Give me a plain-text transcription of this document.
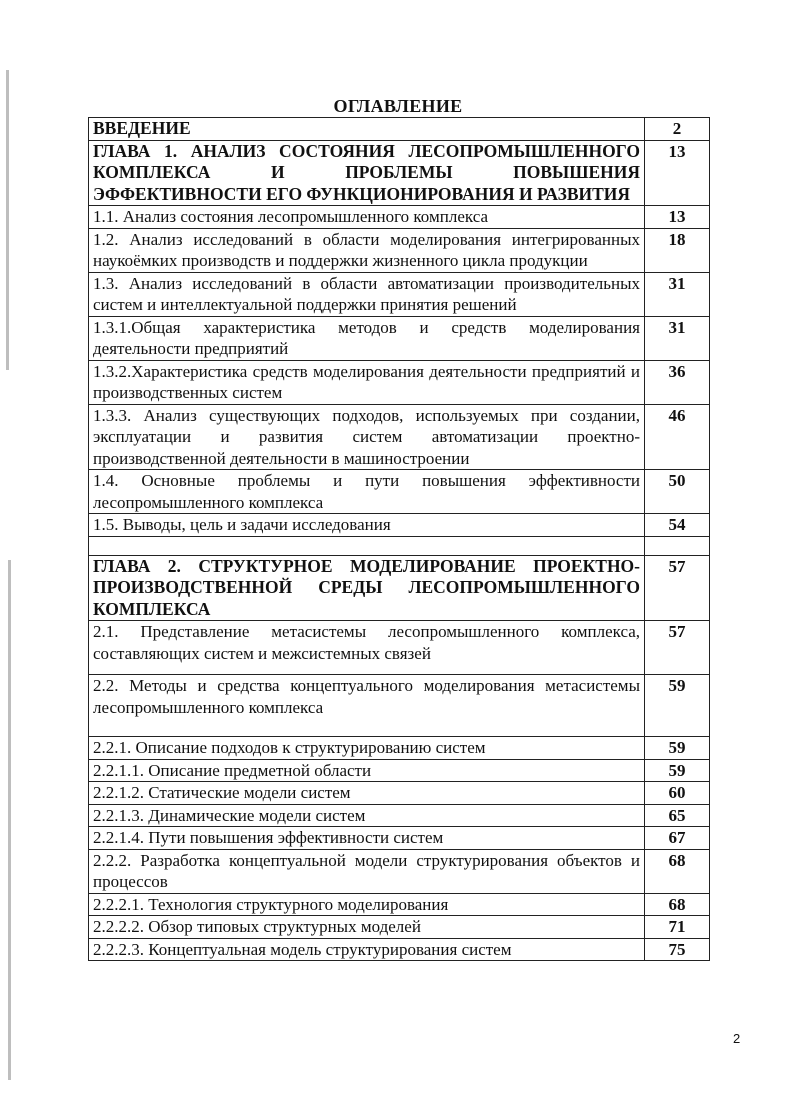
ОГЛАВЛЕНИЕ
ВВЕДЕНИЕ	2
ГЛАВА 1. АНАЛИЗ СОСТОЯНИЯ ЛЕСОПРОМЫШЛЕННОГО КОМПЛЕКСА И ПРОБЛЕМЫ ПОВЫШЕНИЯ ЭФФЕКТИВНОСТИ ЕГО ФУНКЦИОНИРОВАНИЯ И РАЗВИТИЯ	13
1.1. Анализ состояния лесопромышленного комплекса	13
1.2. Анализ исследований в области моделирования интегрированных наукоёмких производств и поддержки жизненного цикла продукции	18
1.3. Анализ исследований в области автоматизации производительных систем и интеллектуальной поддержки принятия решений	31
1.3.1.Общая характеристика методов и средств моделирования деятельности предприятий	31
1.3.2.Характеристика средств моделирования деятельности предприятий и производственных систем	36
1.3.3. Анализ существующих подходов, используемых при создании, эксплуатации и развития систем автоматизации проектно-производственной деятельности в машиностроении	46
1.4. Основные проблемы и пути повышения эффективности лесопромышленного комплекса	50
1.5. Выводы, цель и задачи исследования	54

ГЛАВА 2. СТРУКТУРНОЕ МОДЕЛИРОВАНИЕ ПРОЕКТНО-ПРОИЗВОДСТВЕННОЙ СРЕДЫ ЛЕСОПРОМЫШЛЕННОГО КОМПЛЕКСА	57
2.1. Представление метасистемы лесопромышленного комплекса, составляющих систем и межсистемных связей	57
2.2. Методы и средства концептуального моделирования метасистемы лесопромышленного комплекса	59
2.2.1. Описание подходов к структурированию систем	59
2.2.1.1. Описание предметной области	59
2.2.1.2. Статические модели систем	60
2.2.1.3. Динамические модели систем	65
2.2.1.4. Пути повышения эффективности систем	67
2.2.2. Разработка концептуальной модели структурирования объектов и процессов	68
2.2.2.1. Технология структурного моделирования	68
2.2.2.2. Обзор типовых структурных моделей	71
2.2.2.3. Концептуальная модель структурирования систем	75
2
